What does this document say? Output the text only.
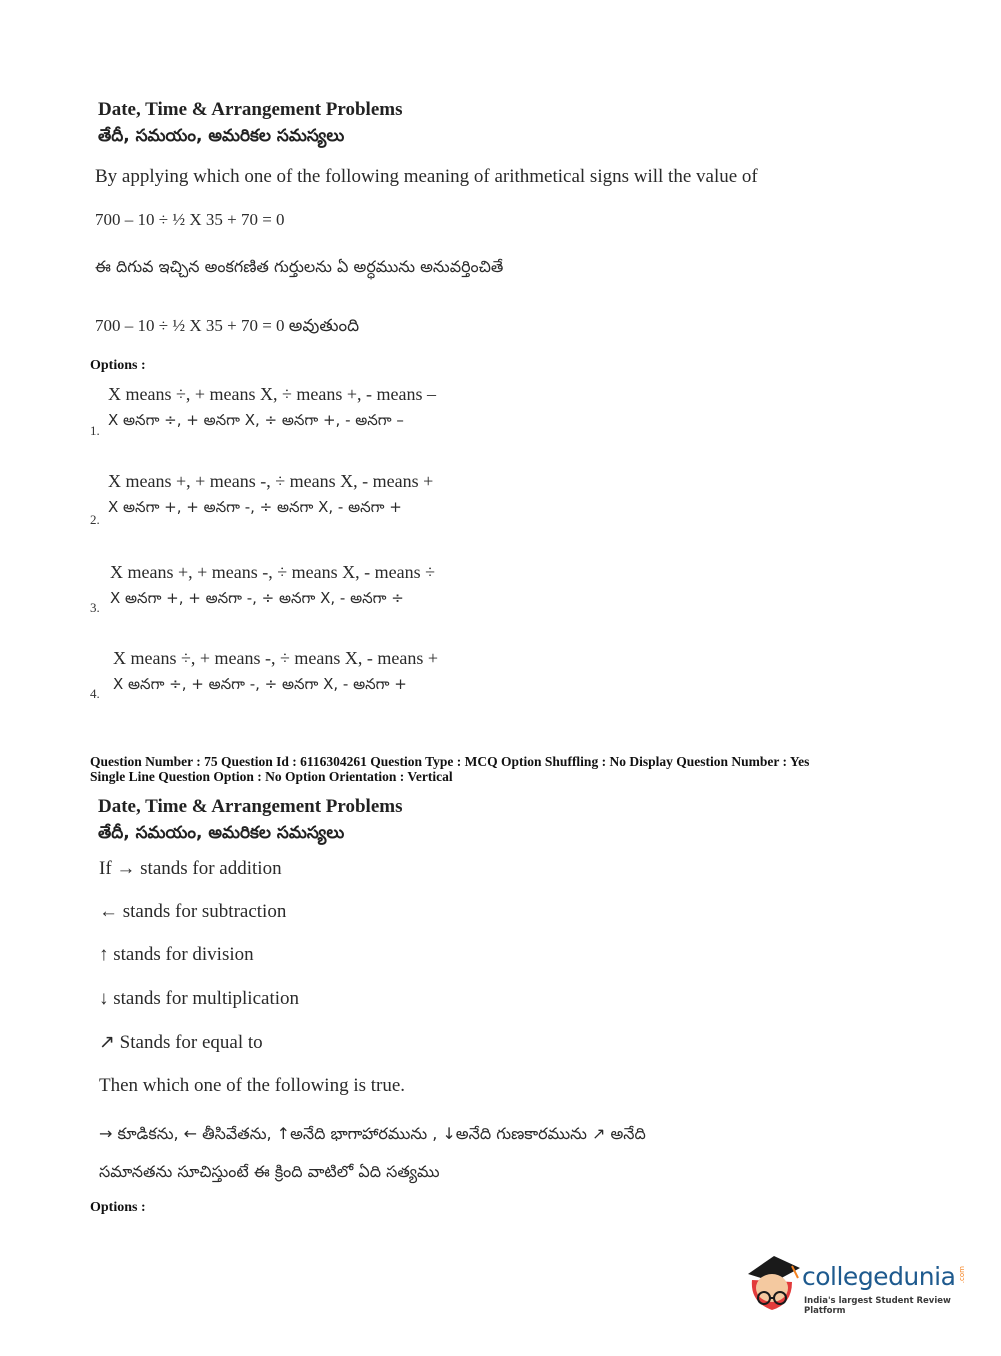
Date, Time & Arrangement Problems
తేదీ, సమయం, అమరికల సమస్యలు
By applying which one of the following meaning of arithmetical signs will the value of
700 – 10 ÷ ½ X 35 + 70 = 0
ఈ దిగువ ఇచ్చిన అంకగణిత గుర్తులను ఏ అర్ధమును అనువర్తించితే
700 – 10 ÷ ½ X 35 + 70 = 0 అవుతుంది
Options :
X means ÷, + means X, ÷ means +, - means –
X అనగా ÷, + అనగా X, ÷ అనగా +, - అనగా –
1.
X means +, + means -, ÷ means X, - means +
X అనగా +, + అనగా -, ÷ అనగా X, - అనగా +
2.
X means +, + means -, ÷ means X, - means ÷
X అనగా +, + అనగా -, ÷ అనగా X, - అనగా ÷
3.
X means ÷, + means -, ÷ means X, - means +
X అనగా ÷, + అనగా -, ÷ అనగా X, - అనగా +
4.
Question Number : 75 Question Id : 6116304261 Question Type : MCQ Option Shuffling : No Display Question Number : Yes
Single Line Question Option : No Option Orientation : Vertical
Date, Time & Arrangement Problems
తేదీ, సమయం, అమరికల సమస్యలు
If → stands for addition
← stands for subtraction
↑ stands for division
↓ stands for multiplication
↗ Stands for equal to
Then which one of the following is true.
→ కూడికను, ← తీసివేతను, ↑అనేది భాగాహారమును , ↓అనేది గుణకారమును ↗ అనేది
సమానతను సూచిస్తుంటే ఈ క్రింది వాటిలో ఏది సత్యము
Options :
collegedunia .com
India's largest Student Review Platform
